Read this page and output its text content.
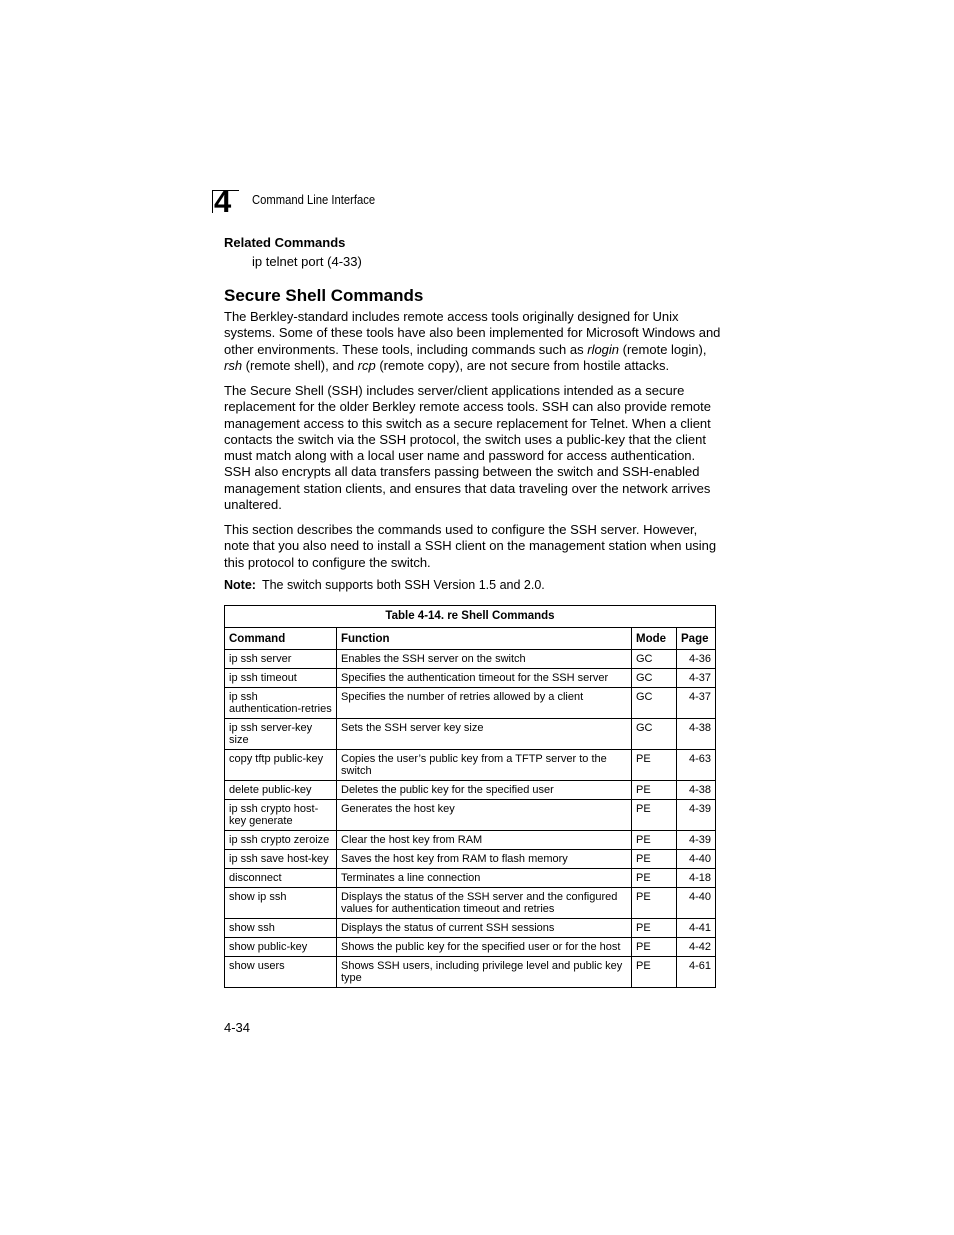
4 Command Line Interface
Related Commands
ip telnet port (4-33)
Secure Shell Commands

The Berkley-standard includes remote access tools originally designed for Unix systems. Some of these tools have also been implemented for Microsoft Windows and other environments. These tools, including commands such as rlogin (remote login), rsh (remote shell), and rcp (remote copy), are not secure from hostile attacks.

The Secure Shell (SSH) includes server/client applications intended as a secure replacement for the older Berkley remote access tools. SSH can also provide remote management access to this switch as a secure replacement for Telnet. When a client contacts the switch via the SSH protocol, the switch uses a public-key that the client must match along with a local user name and password for access authentication. SSH also encrypts all data transfers passing between the switch and SSH-enabled management station clients, and ensures that data traveling over the network arrives unaltered.

This section describes the commands used to configure the SSH server. However, note that you also need to install a SSH client on the management station when using this protocol to configure the switch.

Note: The switch supports both SSH Version 1.5 and 2.0.
Table 4-14. re Shell Commands			
Command	Function	Mode	Page
ip ssh server	Enables the SSH server on the switch	GC	4-36
ip ssh timeout	Specifies the authentication timeout for the SSH server	GC	4-37
ip ssh authentication-retries	Specifies the number of retries allowed by a client	GC	4-37
ip ssh server-key size	Sets the SSH server key size	GC	4-38
copy tftp public-key	Copies the user’s public key from a TFTP server to the switch	PE	4-63
delete public-key	Deletes the public key for the specified user	PE	4-38
ip ssh crypto host-key generate	Generates the host key	PE	4-39
ip ssh crypto zeroize	Clear the host key from RAM	PE	4-39
ip ssh save host-key	Saves the host key from RAM to flash memory	PE	4-40
disconnect	Terminates a line connection	PE	4-18
show ip ssh	Displays the status of the SSH server and the configured values for authentication timeout and retries	PE	4-40
show ssh	Displays the status of current SSH sessions	PE	4-41
show public-key	Shows the public key for the specified user or for the host	PE	4-42
show users	Shows SSH users, including privilege level and public key type	PE	4-61
4-34
